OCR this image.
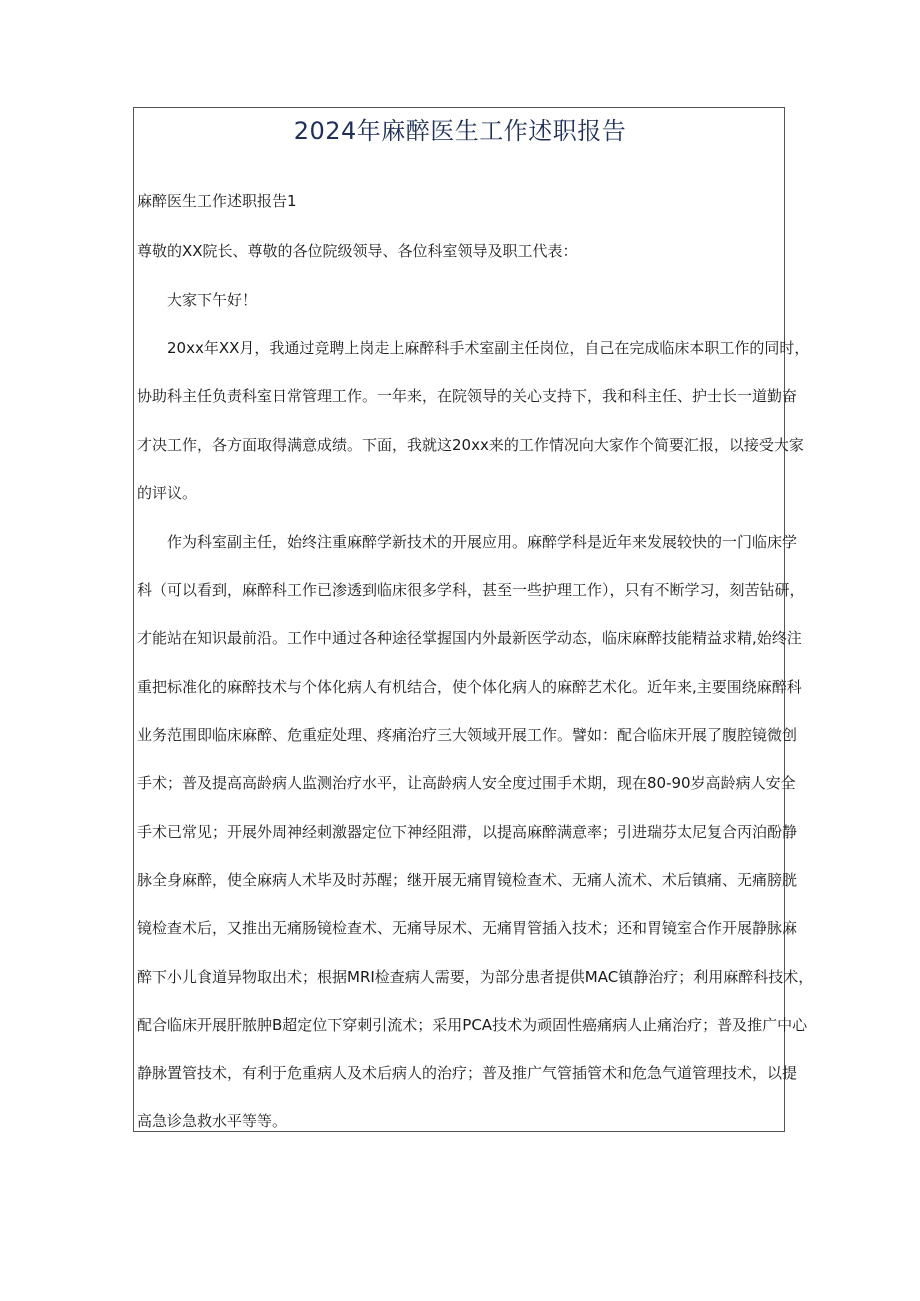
2024年麻醉医生工作述职报告
麻醉医生工作述职报告1
尊敬的XX院长、尊敬的各位院级领导、各位科室领导及职工代表：
大家下午好！
20xx年XX月，我通过竞聘上岗走上麻醉科手术室副主任岗位，自己在完成临床本职工作的同时，
协助科主任负责科室日常管理工作。一年来，在院领导的关心支持下，我和科主任、护士长一道勤奋
才决工作，各方面取得满意成绩。下面，我就这20xx来的工作情况向大家作个简要汇报，以接受大家
的评议。
作为科室副主任，始终注重麻醉学新技术的开展应用。麻醉学科是近年来发展较快的一门临床学
科（可以看到，麻醉科工作已渗透到临床很多学科，甚至一些护理工作），只有不断学习，刻苦钻研，
才能站在知识最前沿。工作中通过各种途径掌握国内外最新医学动态，临床麻醉技能精益求精,始终注
重把标准化的麻醉技术与个体化病人有机结合，使个体化病人的麻醉艺术化。近年来,主要围绕麻醉科
业务范围即临床麻醉、危重症处理、疼痛治疗三大领域开展工作。譬如：配合临床开展了腹腔镜微创
手术；普及提高高龄病人监测治疗水平，让高龄病人安全度过围手术期，现在80-90岁高龄病人安全
手术已常见；开展外周神经刺激器定位下神经阻滞，以提高麻醉满意率；引进瑞芬太尼复合丙泊酚静
脉全身麻醉，使全麻病人术毕及时苏醒；继开展无痛胃镜检查术、无痛人流术、术后镇痛、无痛膀胱
镜检查术后，又推出无痛肠镜检查术、无痛导尿术、无痛胃管插入技术；还和胃镜室合作开展静脉麻
醉下小儿食道异物取出术；根据MRI检查病人需要，为部分患者提供MAC镇静治疗；利用麻醉科技术，
配合临床开展肝脓肿B超定位下穿刺引流术；采用PCA技术为顽固性癌痛病人止痛治疗；普及推广中心
静脉置管技术，有利于危重病人及术后病人的治疗；普及推广气管插管术和危急气道管理技术，以提
高急诊急救水平等等。
